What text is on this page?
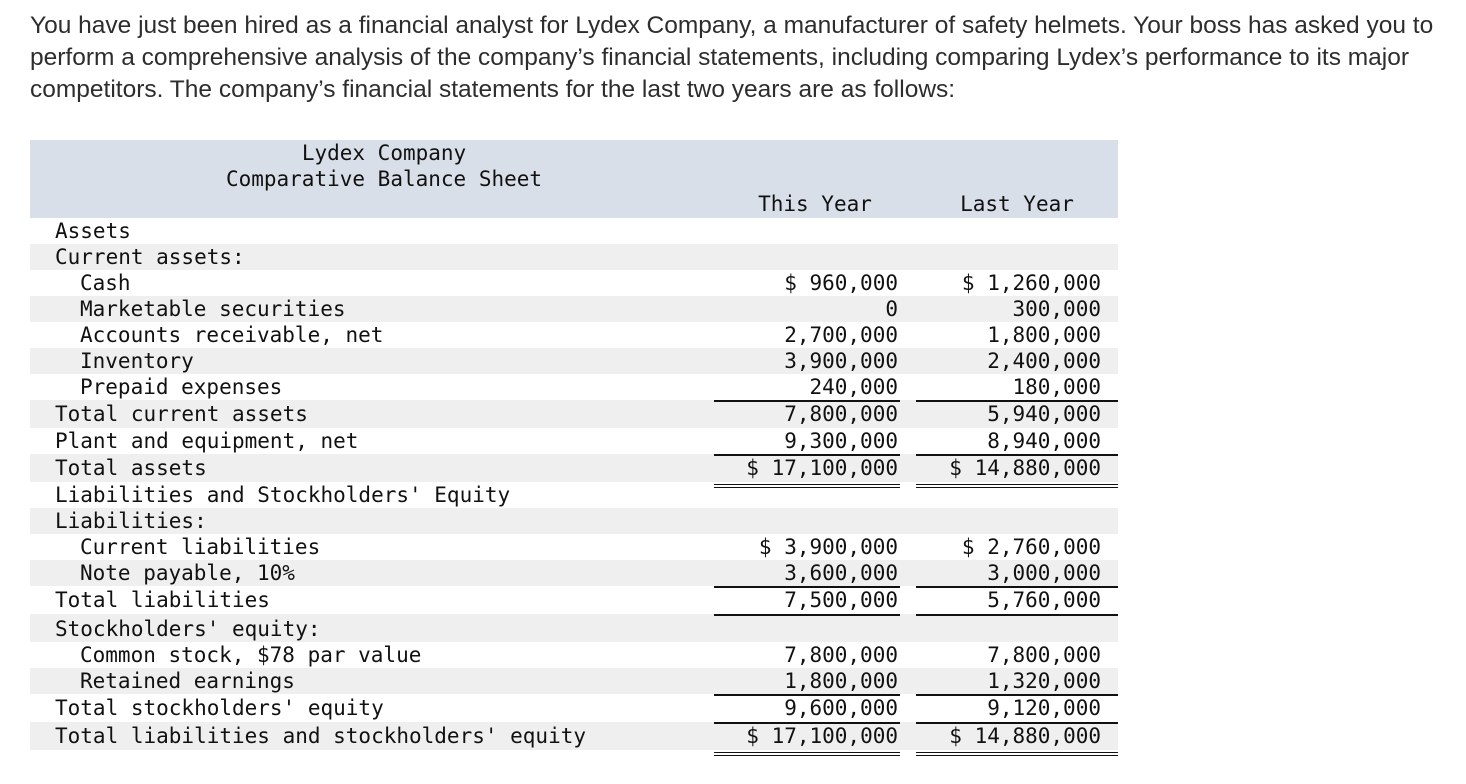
You have just been hired as a financial analyst for Lydex Company, a manufacturer of safety helmets. Your boss has asked you to perform a comprehensive analysis of the company’s financial statements, including comparing Lydex’s performance to its major competitors. The company’s financial statements for the last two years are as follows:

Lydex Company
Comparative Balance Sheet
This Year	Last Year
Assets
Current assets:
Cash	$ 960,000	$ 1,260,000
Marketable securities	0	300,000
Accounts receivable, net	2,700,000	1,800,000
Inventory	3,900,000	2,400,000
Prepaid expenses	240,000	180,000
Total current assets	7,800,000	5,940,000
Plant and equipment, net	9,300,000	8,940,000
Total assets	$ 17,100,000 $ 14,880,000
Liabilities and Stockholders' Equity
Liabilities:
Current liabilities	$ 3,900,000	$ 2,760,000
Note payable, 10%	3,600,000	3,000,000
Total liabilities	7,500,000	5,760,000
Stockholders' equity:
Common stock, $78 par value	7,800,000	7,800,000
Retained earnings	1,800,000	1,320,000
Total stockholders' equity	9,600,000	9,120,000
Total liabilities and stockholders' equity	$ 17,100,000 $ 14,880,000
